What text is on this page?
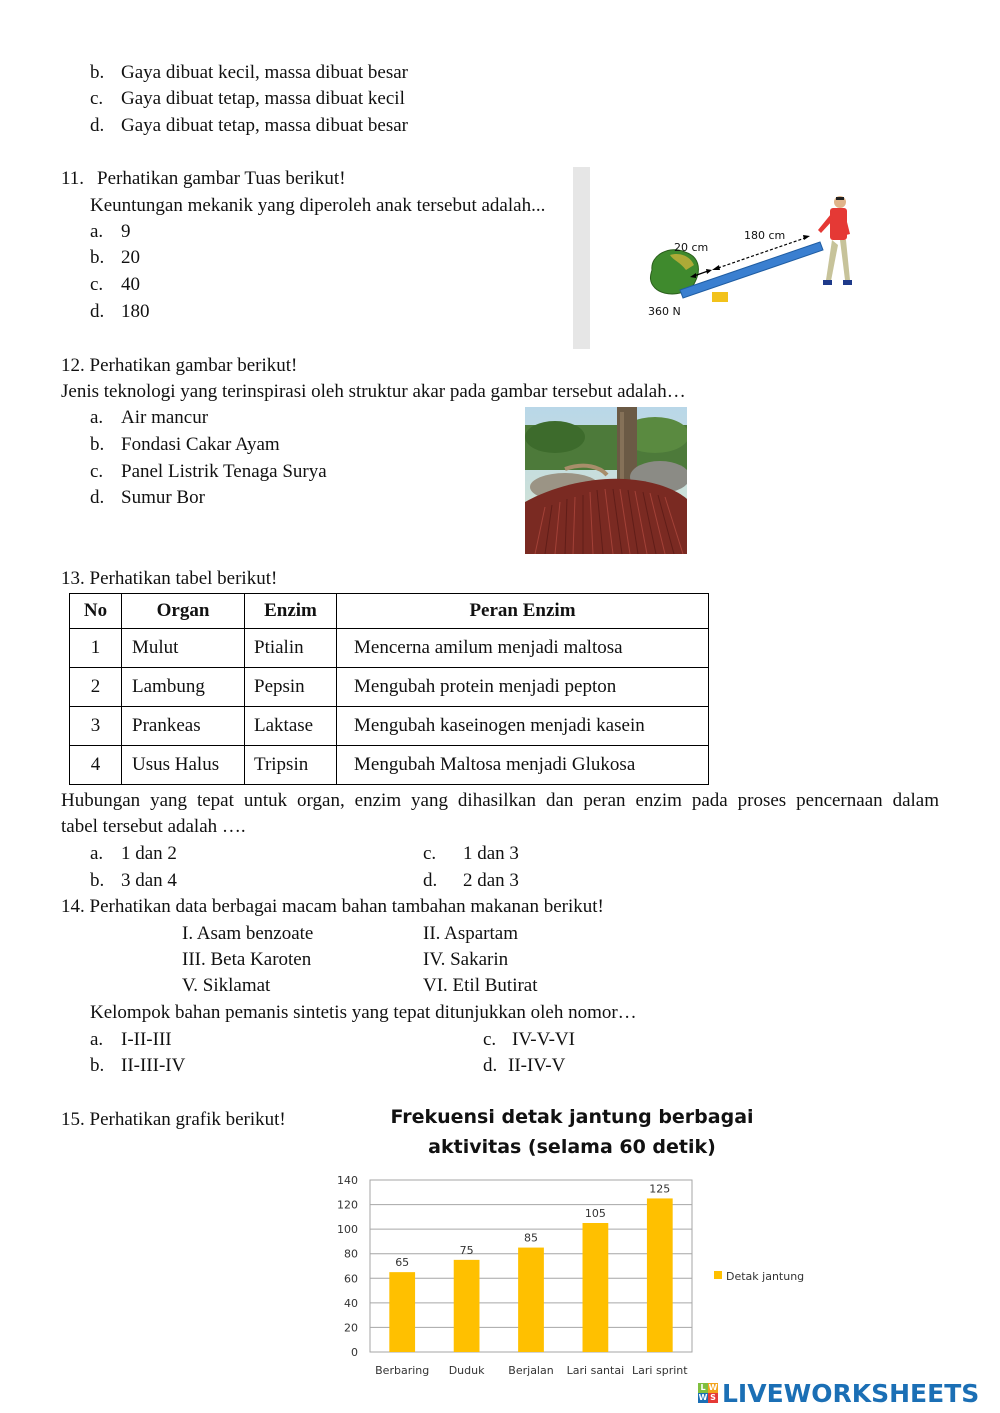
b. Gaya dibuat kecil, massa dibuat besar
c. Gaya dibuat tetap, massa dibuat kecil
d. Gaya dibuat tetap, massa dibuat besar
11. Perhatikan gambar Tuas berikut!
Keuntungan mekanik yang diperoleh anak tersebut adalah...
a. 9
b. 20
c. 40
d. 180
20 cm
180 cm
360 N
12. Perhatikan gambar berikut!
Jenis teknologi yang terinspirasi oleh struktur akar pada gambar tersebut adalah…
a. Air mancur
b. Fondasi Cakar Ayam
c. Panel Listrik Tenaga Surya
d. Sumur Bor
13. Perhatikan tabel berikut!
No	Organ	Enzim	Peran Enzim
1	Mulut	Ptialin	Mencerna amilum menjadi maltosa
2	Lambung	Pepsin	Mengubah protein menjadi pepton
3	Prankeas	Laktase	Mengubah kaseinogen menjadi kasein
4	Usus Halus	Tripsin	Mengubah Maltosa menjadi Glukosa
Hubungan yang tepat untuk organ, enzim yang dihasilkan dan peran enzim pada proses pencernaan dalam
tabel tersebut adalah ….
a. 1 dan 2
b. 3 dan 4
c. 1 dan 3
d. 2 dan 3
14. Perhatikan data berbagai macam bahan tambahan makanan berikut!
I. Asam benzoate	II. Aspartam
III. Beta Karoten	IV. Sakarin
V. Siklamat	VI. Etil Butirat
Kelompok bahan pemanis sintetis yang tepat ditunjukkan oleh nomor…
a. I-II-III
b. II-III-IV
c. IV-V-VI
d. II-IV-V
15. Perhatikan grafik berikut!	Frekuensi detak jantung berbagai
aktivitas (selama 60 detik)
0
20
40
60
80
100
120
140
65
Berbaring
75
Duduk
85
Berjalan
105
Lari santai
125
Lari sprint
Detak jantung
L W
W S LIVEWORKSHEETS
